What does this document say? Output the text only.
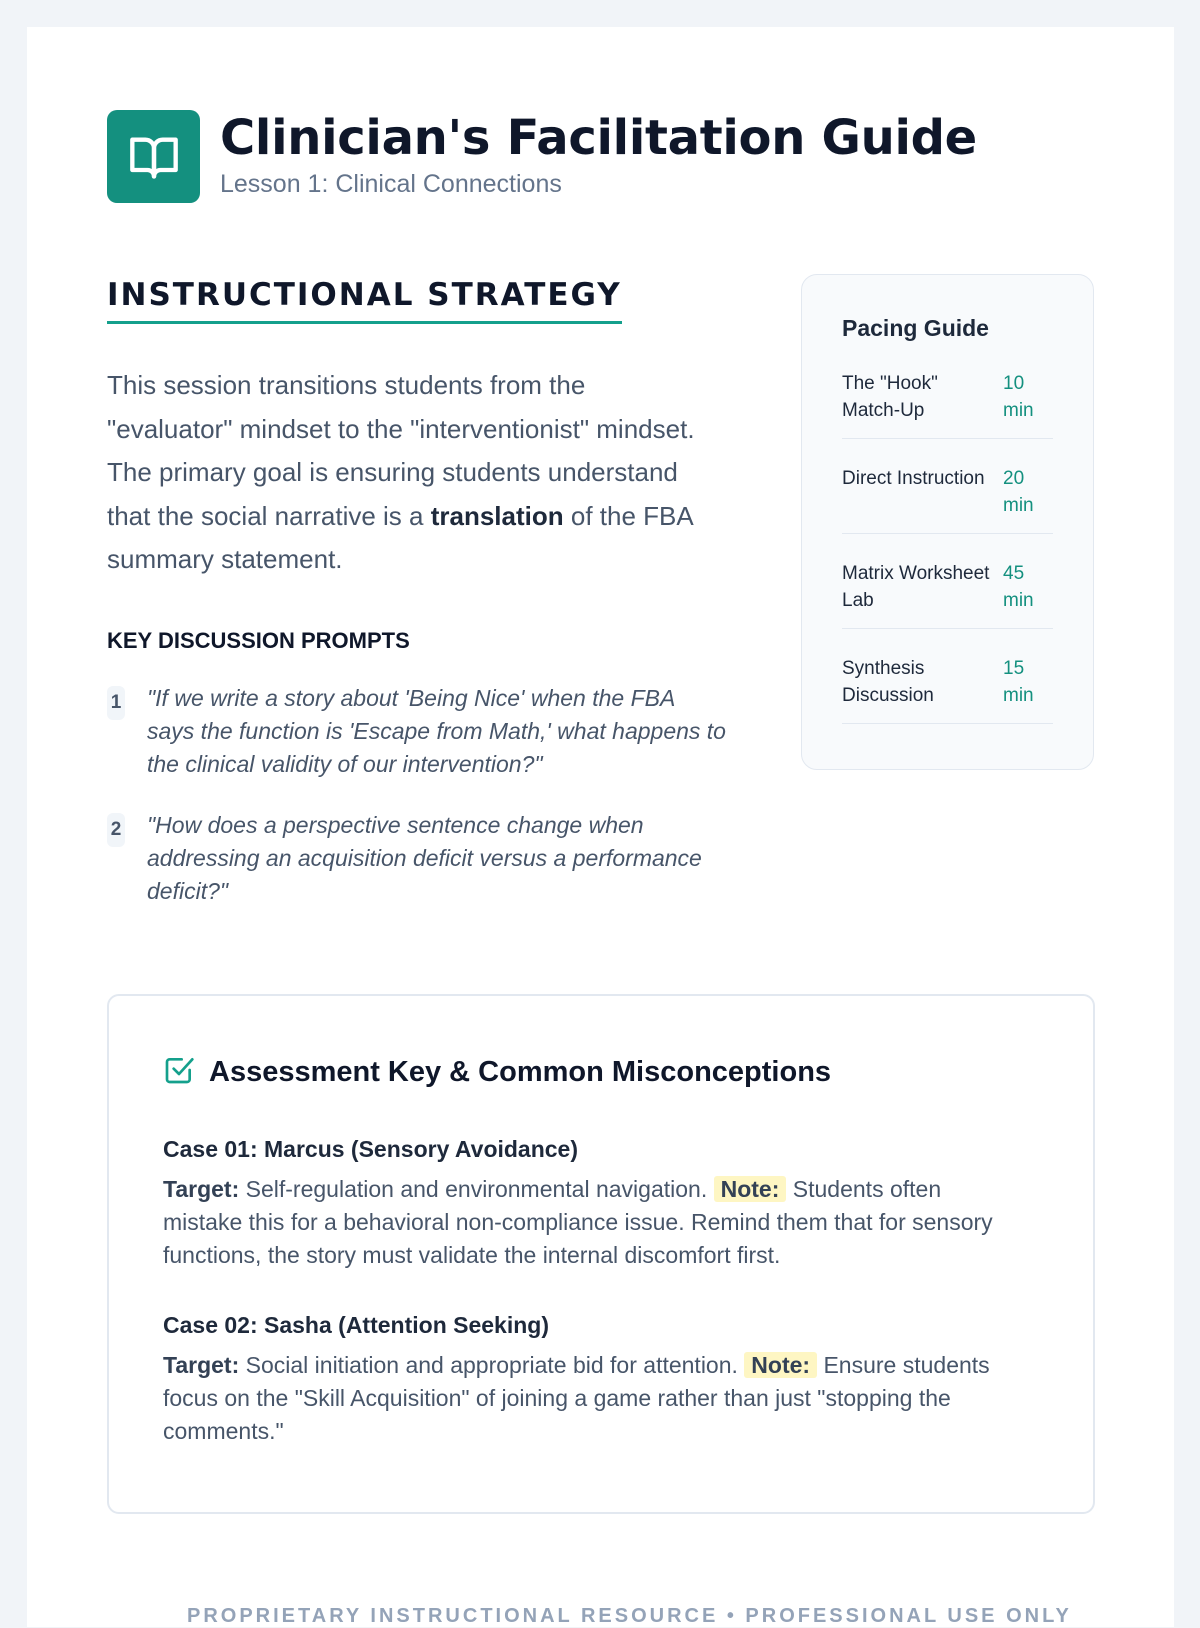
Clinician's Facilitation Guide
Lesson 1: Clinical Connections
INSTRUCTIONAL STRATEGY

This session transitions students from the "evaluator" mindset to the "interventionist" mindset. The primary goal is ensuring students understand that the social narrative is a translation of the FBA summary statement.

KEY DISCUSSION PROMPTS
1 "If we write a story about 'Being Nice' when the FBA says the function is 'Escape from Math,' what happens to the clinical validity of our intervention?"
2 "How does a perspective sentence change when addressing an acquisition deficit versus a performance deficit?"
Pacing Guide
The "Hook" Match-Up
10 min
Direct Instruction 20 min
Matrix Worksheet Lab
45 min
Synthesis Discussion
15 min
Assessment Key & Common Misconceptions
Case 01: Marcus (Sensory Avoidance)

Target: Self-regulation and environmental navigation. Note: Students often mistake this for a behavioral non-compliance issue. Remind them that for sensory functions, the story must validate the internal discomfort first.

Case 02: Sasha (Attention Seeking)

Target: Social initiation and appropriate bid for attention. Note: Ensure students focus on the "Skill Acquisition" of joining a game rather than just "stopping the comments."

PROPRIETARY INSTRUCTIONAL RESOURCE • PROFESSIONAL USE ONLY
